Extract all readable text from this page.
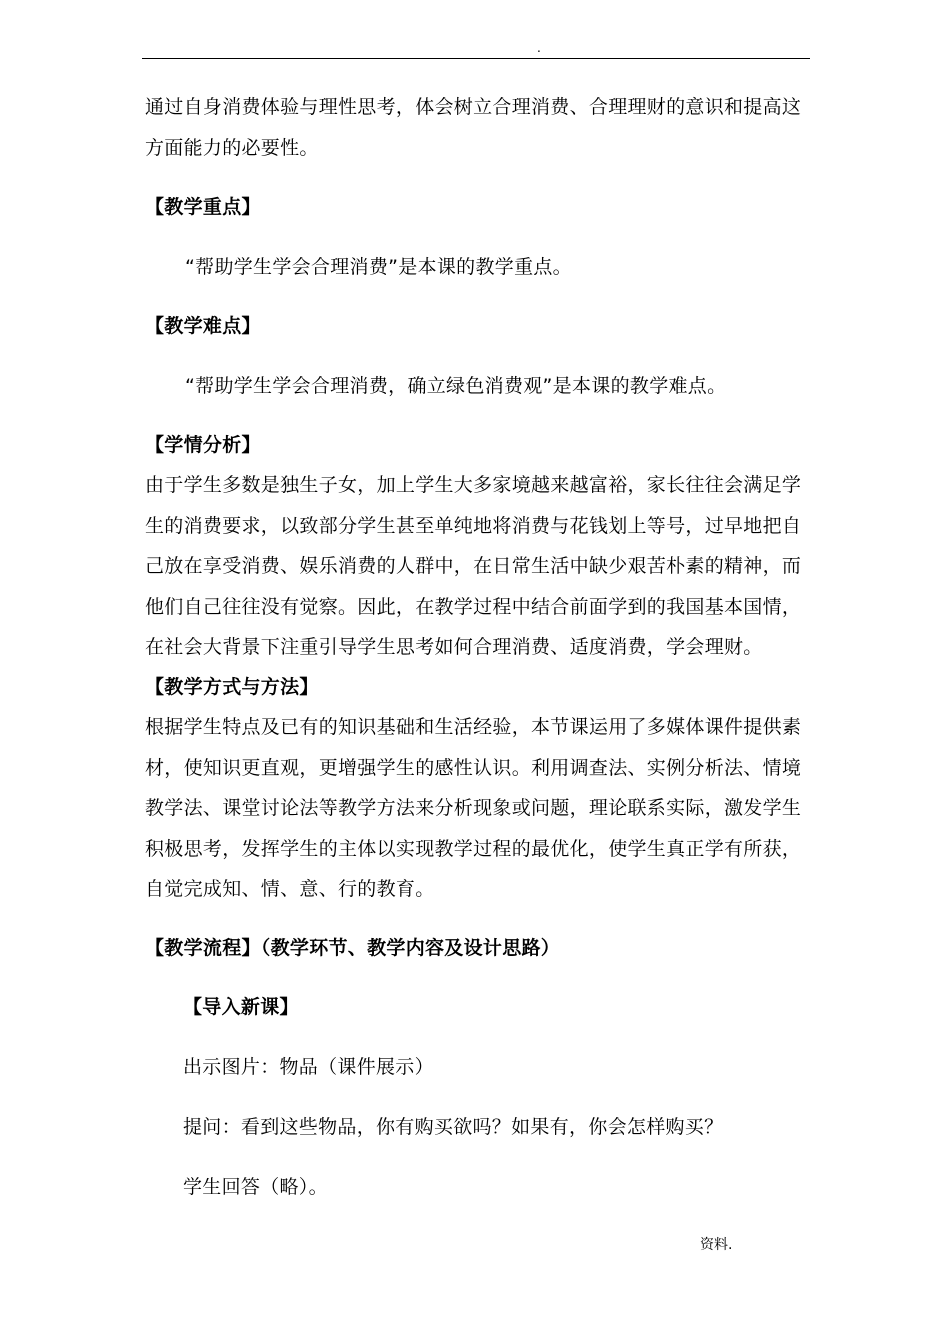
.
通过自身消费体验与理性思考，体会树立合理消费、合理理财的意识和提高这
方面能力的必要性。
【教学重点】
“帮助学生学会合理消费”是本课的教学重点。
【教学难点】
“帮助学生学会合理消费，确立绿色消费观”是本课的教学难点。
【学情分析】
由于学生多数是独生子女，加上学生大多家境越来越富裕，家长往往会满足学
生的消费要求，以致部分学生甚至单纯地将消费与花钱划上等号，过早地把自
己放在享受消费、娱乐消费的人群中，在日常生活中缺少艰苦朴素的精神，而
他们自己往往没有觉察。因此，在教学过程中结合前面学到的我国基本国情，
在社会大背景下注重引导学生思考如何合理消费、适度消费，学会理财。
【教学方式与方法】
根据学生特点及已有的知识基础和生活经验，本节课运用了多媒体课件提供素
材，使知识更直观，更增强学生的感性认识。利用调查法、实例分析法、情境
教学法、课堂讨论法等教学方法来分析现象或问题，理论联系实际，激发学生
积极思考，发挥学生的主体以实现教学过程的最优化，使学生真正学有所获，
自觉完成知、情、意、行的教育。
【教学流程】（教学环节、教学内容及设计思路）
【导入新课】
出示图片：物品（课件展示）
提问：看到这些物品，你有购买欲吗？如果有，你会怎样购买？
学生回答（略）。
资料.
